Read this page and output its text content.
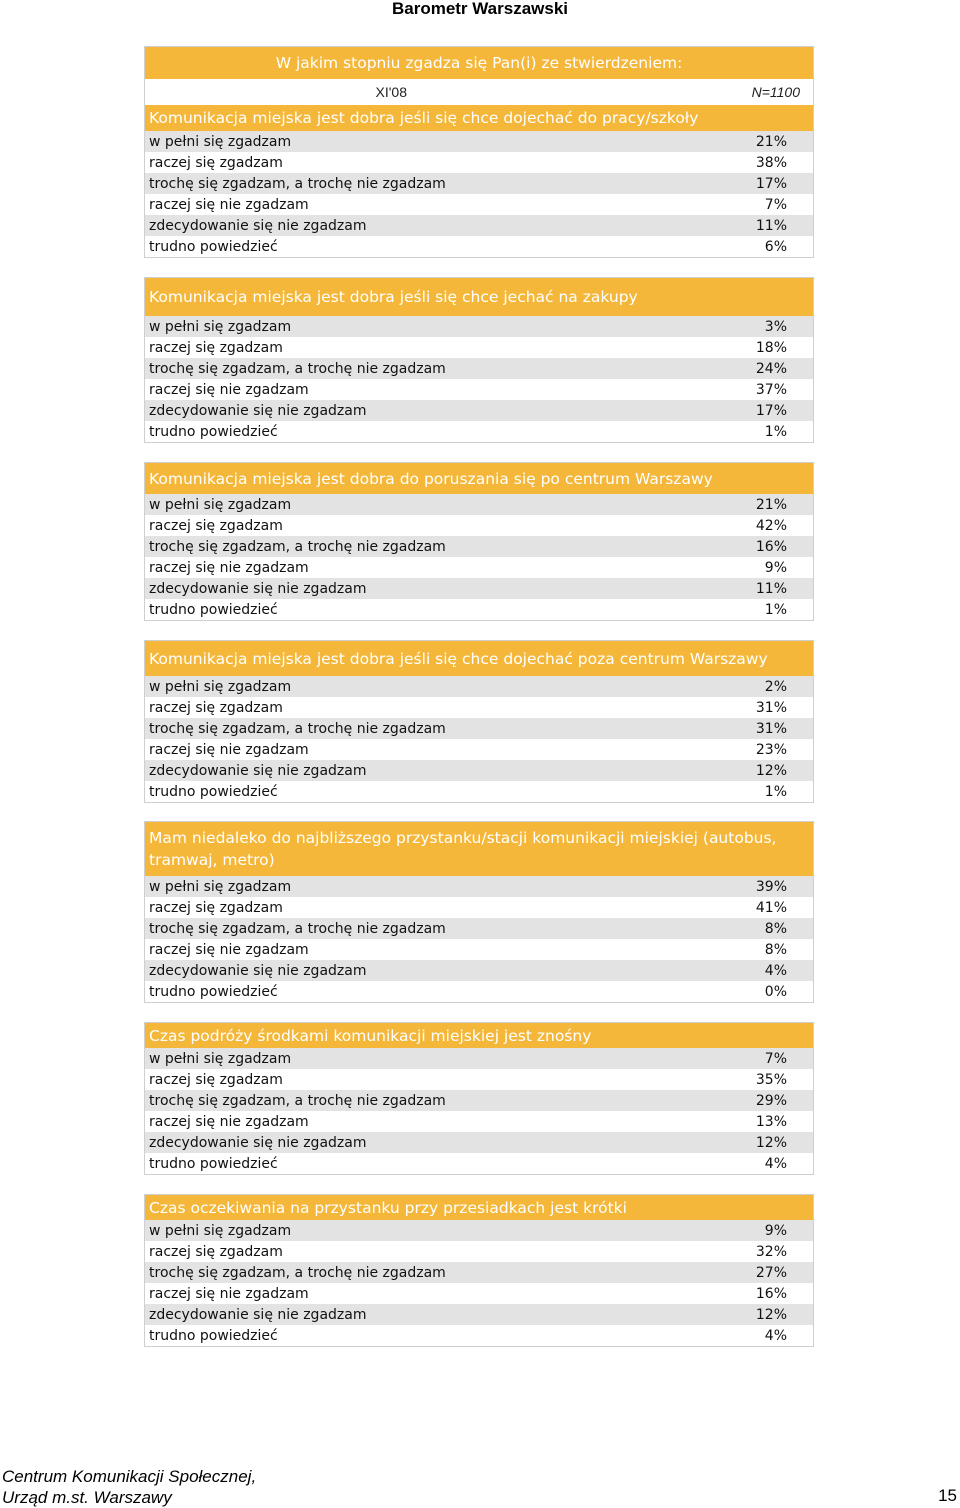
Barometr Warszawski
W jakim stopniu zgadza się Pan(i) ze stwierdzeniem:
XI'08	N=1100
Komunikacja miejska jest dobra jeśli się chce dojechać do pracy/szkoły
w pełni się zgadzam	21%
raczej się zgadzam	38%
trochę się zgadzam, a trochę nie zgadzam	17%
raczej się nie zgadzam	7%
zdecydowanie się nie zgadzam	11%
trudno powiedzieć	6%
Komunikacja miejska jest dobra jeśli się chce jechać na zakupy
w pełni się zgadzam	3%
raczej się zgadzam	18%
trochę się zgadzam, a trochę nie zgadzam	24%
raczej się nie zgadzam	37%
zdecydowanie się nie zgadzam	17%
trudno powiedzieć	1%
Komunikacja miejska jest dobra do poruszania się po centrum Warszawy
w pełni się zgadzam	21%
raczej się zgadzam	42%
trochę się zgadzam, a trochę nie zgadzam	16%
raczej się nie zgadzam	9%
zdecydowanie się nie zgadzam	11%
trudno powiedzieć	1%
Komunikacja miejska jest dobra jeśli się chce dojechać poza centrum Warszawy
w pełni się zgadzam	2%
raczej się zgadzam	31%
trochę się zgadzam, a trochę nie zgadzam	31%
raczej się nie zgadzam	23%
zdecydowanie się nie zgadzam	12%
trudno powiedzieć	1%
Mam niedaleko do najbliższego przystanku/stacji komunikacji miejskiej (autobus, tramwaj, metro)
w pełni się zgadzam	39%
raczej się zgadzam	41%
trochę się zgadzam, a trochę nie zgadzam	8%
raczej się nie zgadzam	8%
zdecydowanie się nie zgadzam	4%
trudno powiedzieć	0%
Czas podróży środkami komunikacji miejskiej jest znośny
w pełni się zgadzam	7%
raczej się zgadzam	35%
trochę się zgadzam, a trochę nie zgadzam	29%
raczej się nie zgadzam	13%
zdecydowanie się nie zgadzam	12%
trudno powiedzieć	4%
Czas oczekiwania na przystanku przy przesiadkach jest krótki
w pełni się zgadzam	9%
raczej się zgadzam	32%
trochę się zgadzam, a trochę nie zgadzam	27%
raczej się nie zgadzam	16%
zdecydowanie się nie zgadzam	12%
trudno powiedzieć	4%
Centrum Komunikacji Społecznej,
Urząd m.st. Warszawy	15
